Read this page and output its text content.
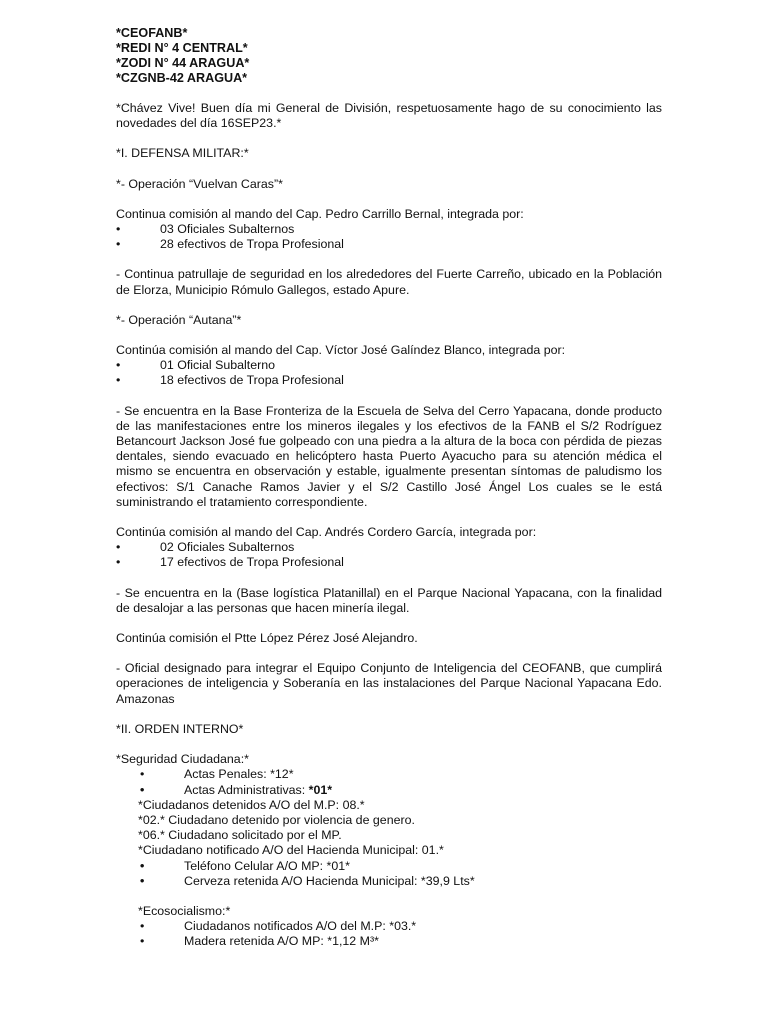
*CEOFANB*
*REDI N° 4 CENTRAL*
*ZODI N° 44 ARAGUA*
*CZGNB-42 ARAGUA*

*Chávez Vive! Buen día mi General de División, respetuosamente hago de su conocimiento las novedades del día 16SEP23.*

*I. DEFENSA MILITAR:*

*- Operación “Vuelvan Caras”*

Continua comisión al mando del Cap. Pedro Carrillo Bernal, integrada por:

•	03 Oficiales Subalternos
•	28 efectivos de Tropa Profesional

- Continua patrullaje de seguridad en los alrededores del Fuerte Carreño, ubicado en la Población de Elorza, Municipio Rómulo Gallegos, estado Apure.

*- Operación “Autana”*

Continúa comisión al mando del Cap. Víctor José Galíndez Blanco, integrada por:

•	01 Oficial Subalterno
•	18 efectivos de Tropa Profesional

- Se encuentra en la Base Fronteriza de la Escuela de Selva del Cerro Yapacana, donde producto de las manifestaciones entre los mineros ilegales y los efectivos de la FANB el S/2 Rodríguez Betancourt Jackson José fue golpeado con una piedra a la altura de la boca con pérdida de piezas dentales, siendo evacuado en helicóptero hasta Puerto Ayacucho para su atención médica el mismo se encuentra en observación y estable, igualmente presentan síntomas de paludismo los efectivos: S/1 Canache Ramos Javier y el S/2 Castillo José Ángel Los cuales se le está suministrando el tratamiento correspondiente.

Continúa comisión al mando del Cap. Andrés Cordero García, integrada por:

•	02 Oficiales Subalternos
•	17 efectivos de Tropa Profesional

- Se encuentra en la (Base logística Platanillal) en el Parque Nacional Yapacana, con la finalidad de desalojar a las personas que hacen minería ilegal.

Continúa comisión el Ptte López Pérez José Alejandro.

- Oficial designado para integrar el Equipo Conjunto de Inteligencia del CEOFANB, que cumplirá operaciones de inteligencia y Soberanía en las instalaciones del Parque Nacional Yapacana Edo. Amazonas

*II. ORDEN INTERNO*

*Seguridad Ciudadana:*

•	Actas Penales: *12*
•	Actas Administrativas: *01*

*Ciudadanos detenidos A/O del M.P: 08.*

*02.* Ciudadano detenido por violencia de genero.

*06.* Ciudadano solicitado por el MP.

*Ciudadano notificado A/O del Hacienda Municipal: 01.*

•	Teléfono Celular A/O MP: *01*
•	Cerveza retenida A/O Hacienda Municipal: *39,9 Lts*

*Ecosocialismo:*

•	Ciudadanos notificados A/O del M.P: *03.*
•	Madera retenida A/O MP: *1,12 M³*
